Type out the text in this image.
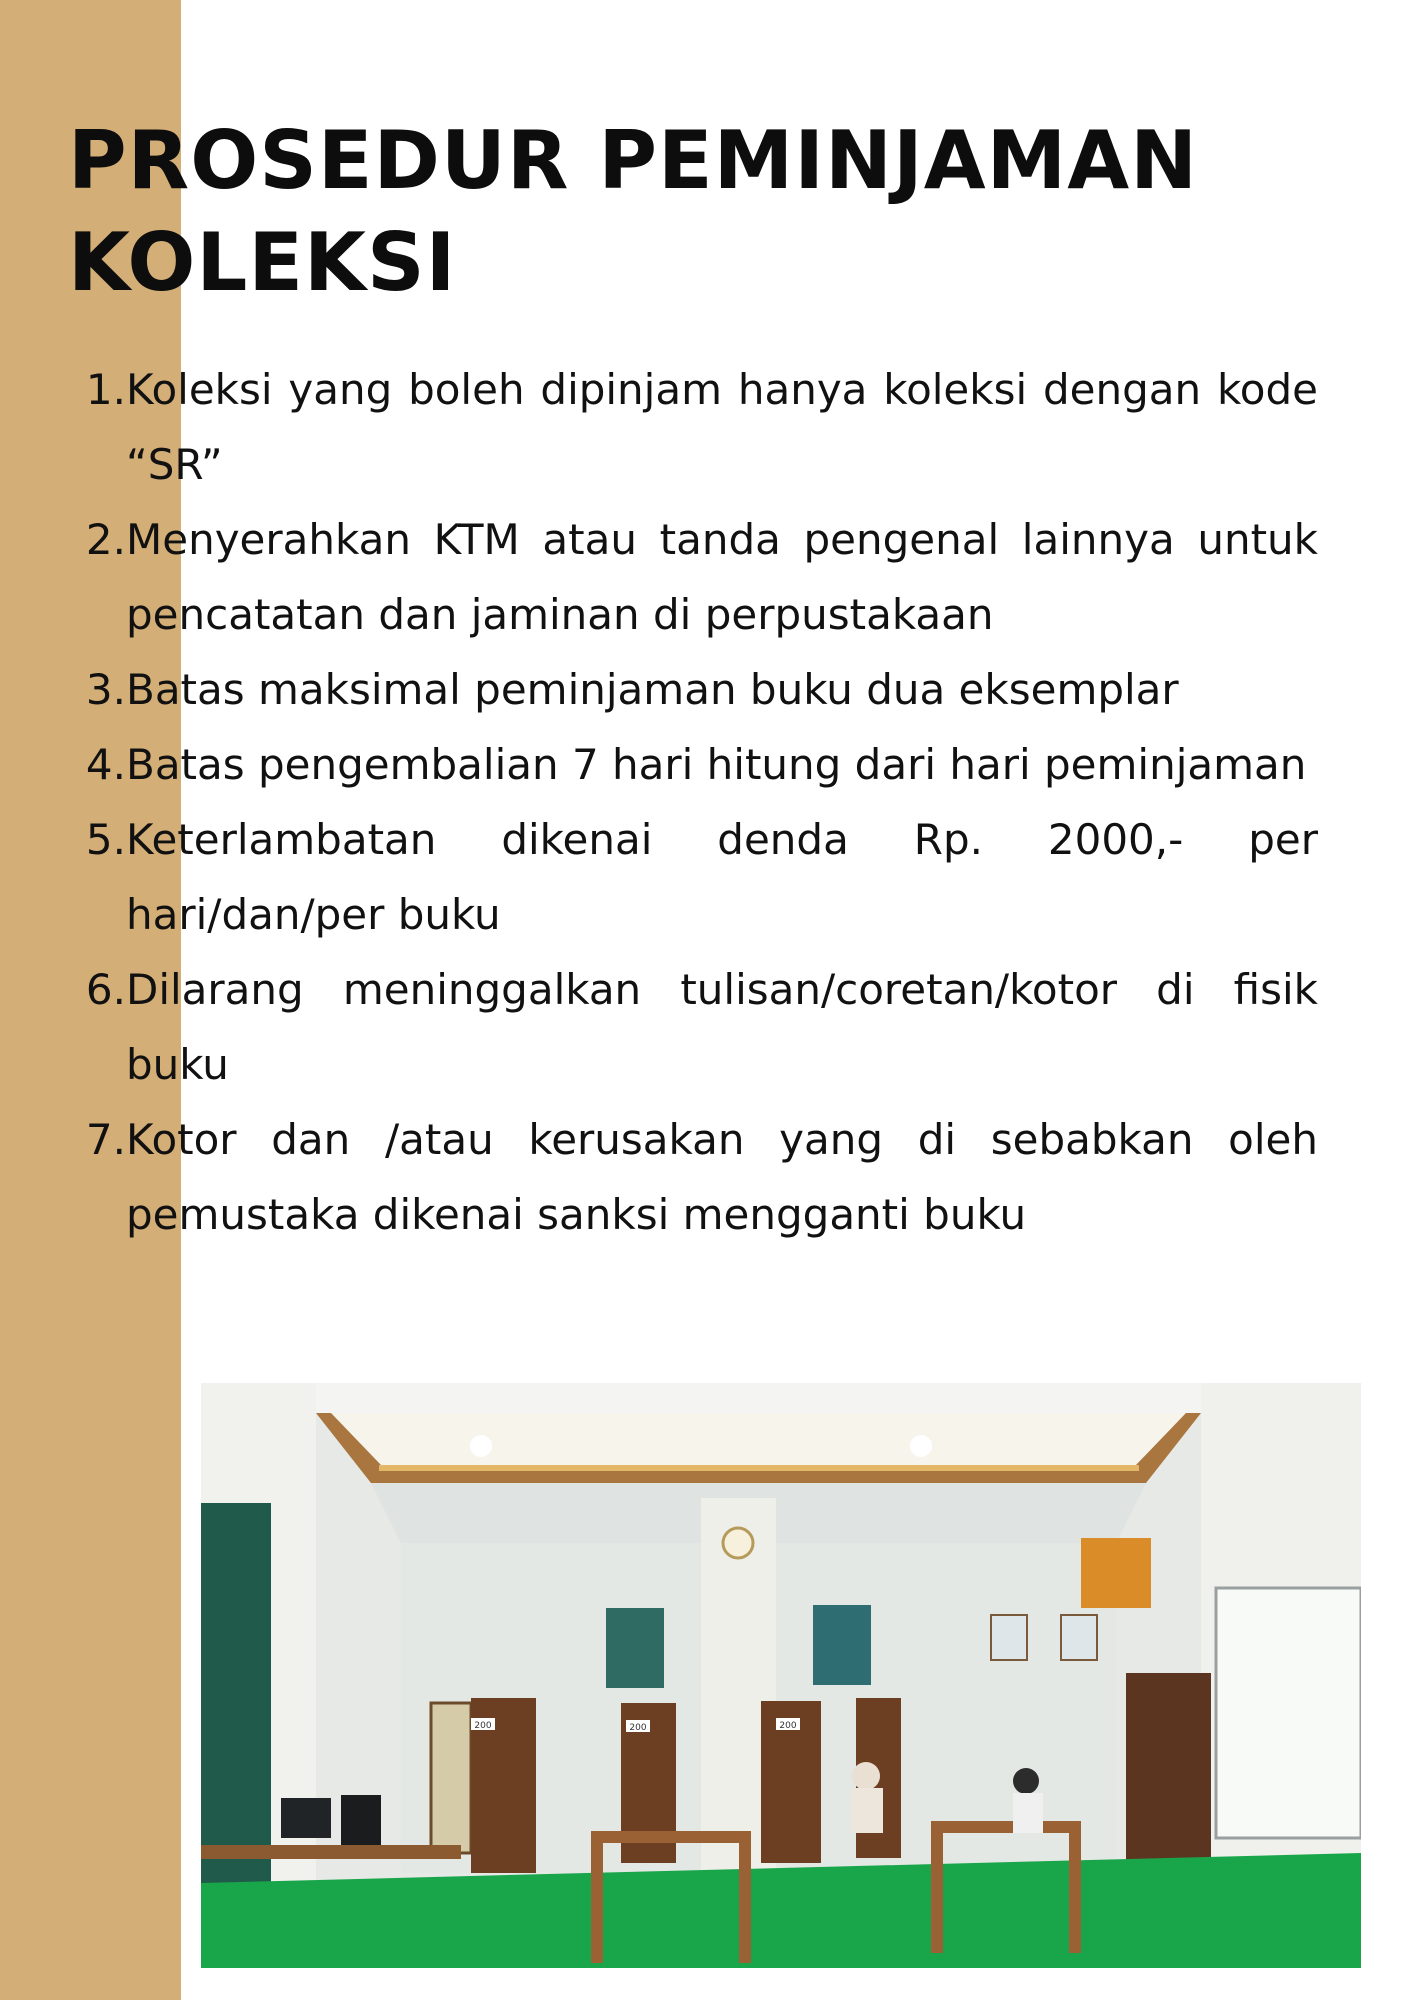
PROSEDUR PEMINJAMAN
KOLEKSI
1. Koleksi yang boleh dipinjam hanya koleksi dengan kode “SR”
2. Menyerahkan KTM atau tanda pengenal lainnya untuk pencatatan dan jaminan di perpustakaan
3. Batas maksimal peminjaman buku dua eksemplar
4. Batas pengembalian 7 hari hitung dari hari peminjaman
5. Keterlambatan dikenai denda Rp. 2000,- per hari/dan/per buku
6. Dilarang meninggalkan tulisan/coretan/kotor di fisik buku
7. Kotor dan /atau kerusakan yang di sebabkan oleh pemustaka dikenai sanksi mengganti buku
200	200	200
